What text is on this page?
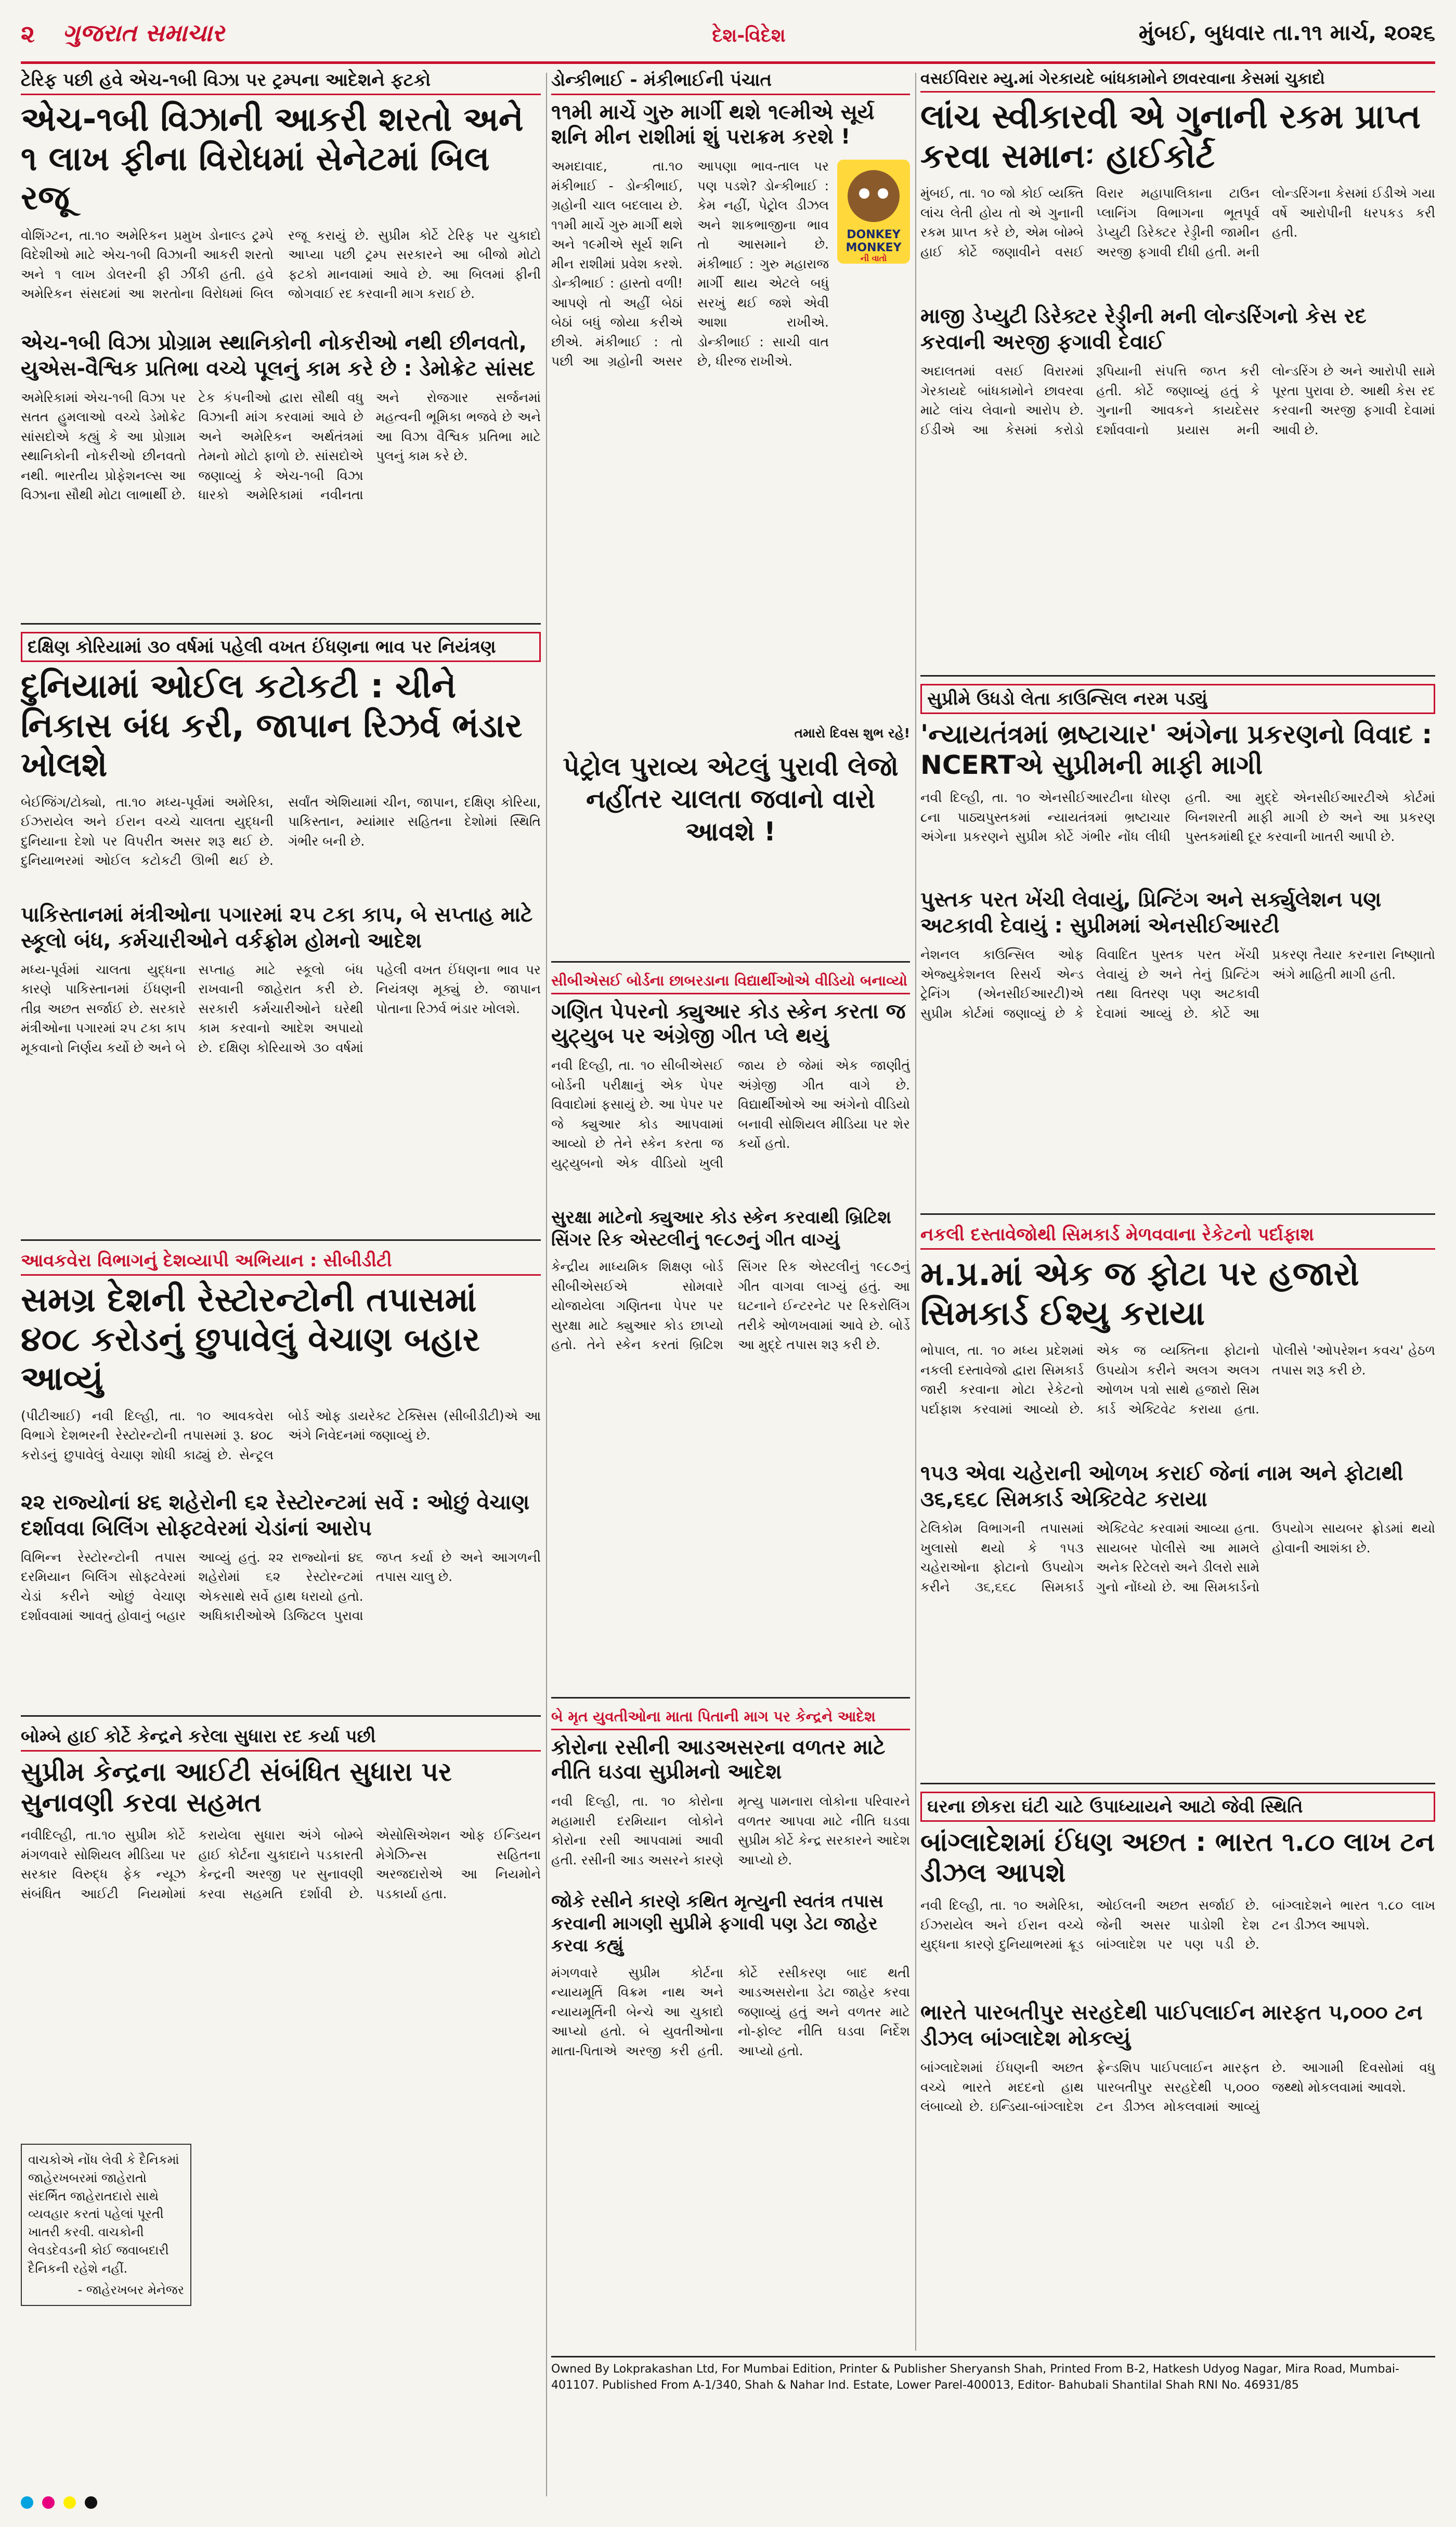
૨ ગુજરાત સમાચાર	દેશ-વિદેશ	મુંબઈ, બુધવાર તા.૧૧ માર્ચ, ૨૦૨૬
ટેરિફ પછી હવે એચ-૧બી વિઝા પર ટ્રમ્પના આદેશને ફટકો
એચ-૧બી વિઝાની આકરી શરતો અને ૧ લાખ ફીના વિરોધમાં સેનેટમાં બિલ રજૂ
વોશિંગ્ટન, તા.૧૦ અમેરિકન પ્રમુખ ડોનાલ્ડ ટ્રમ્પે વિદેશીઓ માટે એચ-૧બી વિઝાની આકરી શરતો અને ૧ લાખ ડોલરની ફી ઝીંકી હતી. હવે અમેરિકન સંસદમાં આ શરતોના વિરોધમાં બિલ રજૂ કરાયું છે. સુપ્રીમ કોર્ટે ટેરિફ પર ચુકાદો આપ્યા પછી ટ્રમ્પ સરકારને આ બીજો મોટો ફટકો માનવામાં આવે છે. આ બિલમાં ફીની જોગવાઈ રદ કરવાની માગ કરાઈ છે.
એચ-૧બી વિઝા પ્રોગ્રામ સ્થાનિકોની નોકરીઓ નથી છીનવતો, યુએસ-વૈશ્વિક પ્રતિભા વચ્ચે પૂલનું કામ કરે છે : ડેમોક્રેટ સાંસદ
અમેરિકામાં એચ-૧બી વિઝા પર સતત હુમલાઓ વચ્ચે ડેમોક્રેટ સાંસદોએ કહ્યું કે આ પ્રોગ્રામ સ્થાનિકોની નોકરીઓ છીનવતો નથી. ભારતીય પ્રોફેશનલ્સ આ વિઝાના સૌથી મોટા લાભાર્થી છે. ટેક કંપનીઓ દ્વારા સૌથી વધુ વિઝાની માંગ કરવામાં આવે છે અને અમેરિકન અર્થતંત્રમાં તેમનો મોટો ફાળો છે. સાંસદોએ જણાવ્યું કે એચ-૧બી વિઝા ધારકો અમેરિકામાં નવીનતા અને રોજગાર સર્જનમાં મહત્વની ભૂમિકા ભજવે છે અને આ વિઝા વૈશ્વિક પ્રતિભા માટે પુલનું કામ કરે છે.
દક્ષિણ કોરિયામાં ૩૦ વર્ષમાં પહેલી વખત ઈંધણના ભાવ પર નિયંત્રણ
દુનિયામાં ઓઈલ કટોકટી : ચીને નિકાસ બંધ કરી, જાપાન રિઝર્વ ભંડાર ખોલશે
બેઈજિંગ/ટોક્યો, તા.૧૦ મધ્ય-પૂર્વમાં અમેરિકા, ઈઝરાયેલ અને ઈરાન વચ્ચે ચાલતા યુદ્ધની દુનિયાના દેશો પર વિપરીત અસર શરૂ થઈ છે. દુનિયાભરમાં ઓઈલ કટોકટી ઊભી થઈ છે. સર્વાંત એશિયામાં ચીન, જાપાન, દક્ષિણ કોરિયા, પાકિસ્તાન, મ્યાંમાર સહિતના દેશોમાં સ્થિતિ ગંભીર બની છે.
પાકિસ્તાનમાં મંત્રીઓના પગારમાં ૨૫ ટકા કાપ, બે સપ્તાહ માટે સ્કૂલો બંધ, કર્મચારીઓને વર્કફ્રોમ હોમનો આદેશ
મધ્ય-પૂર્વમાં ચાલતા યુદ્ધના કારણે પાકિસ્તાનમાં ઈંધણની તીવ્ર અછત સર્જાઈ છે. સરકારે મંત્રીઓના પગારમાં ૨૫ ટકા કાપ મૂકવાનો નિર્ણય કર્યો છે અને બે સપ્તાહ માટે સ્કૂલો બંધ રાખવાની જાહેરાત કરી છે. સરકારી કર્મચારીઓને ઘરેથી કામ કરવાનો આદેશ અપાયો છે. દક્ષિણ કોરિયાએ ૩૦ વર્ષમાં પહેલી વખત ઈંધણના ભાવ પર નિયંત્રણ મૂક્યું છે. જાપાન પોતાના રિઝર્વ ભંડાર ખોલશે.
આવકવેરા વિભાગનું દેશવ્યાપી અભિયાન : સીબીડીટી
સમગ્ર દેશની રેસ્ટોરન્ટોની તપાસમાં ૪૦૮ કરોડનું છુપાવેલું વેચાણ બહાર આવ્યું
(પીટીઆઈ) નવી દિલ્હી, તા. ૧૦ આવકવેરા વિભાગે દેશભરની રેસ્ટોરન્ટોની તપાસમાં રૂ. ૪૦૮ કરોડનું છુપાવેલું વેચાણ શોધી કાઢ્યું છે. સેન્ટ્રલ બોર્ડ ઓફ ડાયરેક્ટ ટેક્સિસ (સીબીડીટી)એ આ અંગે નિવેદનમાં જણાવ્યું છે.
૨૨ રાજ્યોનાં ૪૬ શહેરોની ૬૨ રેસ્ટોરન્ટમાં સર્વે : ઓછું વેચાણ દર્શાવવા બિલિંગ સોફ્ટવેરમાં ચેડાંનાં આરોપ
વિભિન્ન રેસ્ટોરન્ટોની તપાસ દરમિયાન બિલિંગ સોફ્ટવેરમાં ચેડાં કરીને ઓછું વેચાણ દર્શાવવામાં આવતું હોવાનું બહાર આવ્યું હતું. ૨૨ રાજ્યોનાં ૪૬ શહેરોમાં ૬૨ રેસ્ટોરન્ટમાં એકસાથે સર્વે હાથ ધરાયો હતો. અધિકારીઓએ ડિજિટલ પુરાવા જપ્ત કર્યા છે અને આગળની તપાસ ચાલુ છે.
બોમ્બે હાઈ કોર્ટે કેન્દ્રને કરેલા સુધારા રદ કર્યા પછી
સુપ્રીમ કેન્દ્રના આઈટી સંબંધિત સુધારા પર સુનાવણી કરવા સહમત
નવીદિલ્હી, તા.૧૦ સુપ્રીમ કોર્ટે મંગળવારે સોશિયલ મીડિયા પર સરકાર વિરુદ્ધ ફેક ન્યૂઝ સંબંધિત આઈટી નિયમોમાં કરાયેલા સુધારા અંગે બોમ્બે હાઈ કોર્ટના ચુકાદાને પડકારતી કેન્દ્રની અરજી પર સુનાવણી કરવા સહમતિ દર્શાવી છે. એસોસિએશન ઓફ ઈન્ડિયન મેગેઝિન્સ સહિતના અરજદારોએ આ નિયમોને પડકાર્યા હતા.
વાચકોએ નોંધ લેવી કે દૈનિકમાં જાહેરખબરમાં જાહેરાતો સંદર્ભિત જાહેરાતદારો સાથે વ્યવહાર કરતાં પહેલાં પૂરતી ખાતરી કરવી. વાચકોની લેવડદેવડની કોઈ જવાબદારી દૈનિકની રહેશે નહીં.
- જાહેરખબર મેનેજર
ડોન્કીભાઈ - મંકીભાઈની પંચાત
૧૧મી માર્ચે ગુરુ માર્ગી થશે ૧૯મીએ સૂર્ય શનિ મીન રાશીમાં શું પરાક્રમ કરશે !
DONKEY MONKEY
ની વાતો
અમદાવાદ, તા.૧૦ મંકીભાઈ - ડોન્કીભાઈ, ગ્રહોની ચાલ બદલાય છે. ૧૧મી માર્ચે ગુરુ માર્ગી થશે અને ૧૯મીએ સૂર્ય શનિ મીન રાશીમાં પ્રવેશ કરશે. ડોન્કીભાઈ : હાસ્તો વળી! આપણે તો અહીં બેઠાં બેઠાં બધું જોયા કરીએ છીએ. મંકીભાઈ : તો પછી આ ગ્રહોની અસર આપણા ભાવ-તાલ પર પણ પડશે? ડોન્કીભાઈ : કેમ નહીં, પેટ્રોલ ડીઝલ અને શાકભાજીના ભાવ તો આસમાને છે. મંકીભાઈ : ગુરુ મહારાજ માર્ગી થાય એટલે બધું સરખું થઈ જશે એવી આશા રાખીએ. ડોન્કીભાઈ : સાચી વાત છે, ધીરજ રાખીએ.
તમારો દિવસ શુભ રહે!
પેટ્રોલ પુરાવ્ય એટલું પુરાવી લેજો નહીંતર ચાલતા જવાનો વારો આવશે !
સીબીએસઈ બોર્ડના છાબરડાના વિદ્યાર્થીઓએ વીડિયો બનાવ્યો
ગણિત પેપરનો ક્યુઆર કોડ સ્કેન કરતા જ યુટ્યુબ પર અંગ્રેજી ગીત પ્લે થયું
નવી દિલ્હી, તા. ૧૦ સીબીએસઈ બોર્ડની પરીક્ષાનું એક પેપર વિવાદોમાં ફસાયું છે. આ પેપર પર જે ક્યુઆર કોડ આપવામાં આવ્યો છે તેને સ્કેન કરતા જ યુટ્યુબનો એક વીડિયો ખુલી જાય છે જેમાં એક જાણીતું અંગ્રેજી ગીત વાગે છે. વિદ્યાર્થીઓએ આ અંગેનો વીડિયો બનાવી સોશિયલ મીડિયા પર શેર કર્યો હતો.
સુરક્ષા માટેનો ક્યુઆર કોડ સ્કેન કરવાથી બ્રિટિશ સિંગર રિક એસ્ટલીનું ૧૯૮૭નું ગીત વાગ્યું
કેન્દ્રીય માધ્યમિક શિક્ષણ બોર્ડ સીબીએસઈએ સોમવારે યોજાયેલા ગણિતના પેપર પર સુરક્ષા માટે ક્યુઆર કોડ છાપ્યો હતો. તેને સ્કેન કરતાં બ્રિટિશ સિંગર રિક એસ્ટલીનું ૧૯૮૭નું ગીત વાગવા લાગ્યું હતું. આ ઘટનાને ઈન્ટરનેટ પર રિકરોલિંગ તરીકે ઓળખવામાં આવે છે. બોર્ડે આ મુદ્દે તપાસ શરૂ કરી છે.
બે મૃત યુવતીઓના માતા પિતાની માગ પર કેન્દ્રને આદેશ
કોરોના રસીની આડઅસરના વળતર માટે નીતિ ઘડવા સુપ્રીમનો આદેશ
નવી દિલ્હી, તા. ૧૦ કોરોના મહામારી દરમિયાન લોકોને કોરોના રસી આપવામાં આવી હતી. રસીની આડ અસરને કારણે મૃત્યુ પામનારા લોકોના પરિવારને વળતર આપવા માટે નીતિ ઘડવા સુપ્રીમ કોર્ટે કેન્દ્ર સરકારને આદેશ આપ્યો છે.
જોકે રસીને કારણે કથિત મૃત્યુની સ્વતંત્ર તપાસ કરવાની માગણી સુપ્રીમે ફગાવી પણ ડેટા જાહેર કરવા કહ્યું
મંગળવારે સુપ્રીમ કોર્ટના ન્યાયમૂર્તિ વિક્રમ નાથ અને ન્યાયમૂર્તિની બેન્ચે આ ચુકાદો આપ્યો હતો. બે યુવતીઓના માતા-પિતાએ અરજી કરી હતી. કોર્ટે રસીકરણ બાદ થતી આડઅસરોના ડેટા જાહેર કરવા જણાવ્યું હતું અને વળતર માટે નો-ફોલ્ટ નીતિ ઘડવા નિર્દેશ આપ્યો હતો.
વસઈવિરાર મ્યુ.માં ગેરકાયદે બાંધકામોને છાવરવાના કેસમાં ચુકાદો
લાંચ સ્વીકારવી એ ગુનાની રકમ પ્રાપ્ત કરવા સમાનઃ હાઈકોર્ટ
મુંબઈ, તા. ૧૦ જો કોઈ વ્યક્તિ લાંચ લેતી હોય તો એ ગુનાની રકમ પ્રાપ્ત કરે છે, એમ બોમ્બે હાઈ કોર્ટે જણાવીને વસઈ વિરાર મહાપાલિકાના ટાઉન પ્લાનિંગ વિભાગના ભૂતપૂર્વ ડેપ્યુટી ડિરેક્ટર રેડ્ડીની જામીન અરજી ફગાવી દીધી હતી. મની લોન્ડરિંગના કેસમાં ઈડીએ ગયા વર્ષે આરોપીની ધરપકડ કરી હતી.
માજી ડેપ્યુટી ડિરેક્ટર રેડ્ડીની મની લોન્ડરિંગનો કેસ રદ કરવાની અરજી ફગાવી દેવાઈ
અદાલતમાં વસઈ વિરારમાં ગેરકાયદે બાંધકામોને છાવરવા માટે લાંચ લેવાનો આરોપ છે. ઈડીએ આ કેસમાં કરોડો રૂપિયાની સંપત્તિ જપ્ત કરી હતી. કોર્ટે જણાવ્યું હતું કે ગુનાની આવકને કાયદેસર દર્શાવવાનો પ્રયાસ મની લોન્ડરિંગ છે અને આરોપી સામે પૂરતા પુરાવા છે. આથી કેસ રદ કરવાની અરજી ફગાવી દેવામાં આવી છે.
સુપ્રીમે ઉધડો લેતા કાઉન્સિલ નરમ પડ્યું
'ન્યાયતંત્રમાં ભ્રષ્ટાચાર' અંગેના પ્રકરણનો વિવાદ : NCERTએ સુપ્રીમની માફી માગી
નવી દિલ્હી, તા. ૧૦ એનસીઈઆરટીના ધોરણ ૮ના પાઠ્યપુસ્તકમાં ન્યાયતંત્રમાં ભ્રષ્ટાચાર અંગેના પ્રકરણને સુપ્રીમ કોર્ટે ગંભીર નોંધ લીધી હતી. આ મુદ્દે એનસીઈઆરટીએ કોર્ટમાં બિનશરતી માફી માગી છે અને આ પ્રકરણ પુસ્તકમાંથી દૂર કરવાની ખાતરી આપી છે.
પુસ્તક પરત ખેંચી લેવાયું, પ્રિન્ટિંગ અને સર્ક્યુલેશન પણ અટકાવી દેવાયું : સુપ્રીમમાં એનસીઈઆરટી
નેશનલ કાઉન્સિલ ઓફ એજ્યુકેશનલ રિસર્ચ એન્ડ ટ્રેનિંગ (એનસીઈઆરટી)એ સુપ્રીમ કોર્ટમાં જણાવ્યું છે કે વિવાદિત પુસ્તક પરત ખેંચી લેવાયું છે અને તેનું પ્રિન્ટિંગ તથા વિતરણ પણ અટકાવી દેવામાં આવ્યું છે. કોર્ટે આ પ્રકરણ તૈયાર કરનારા નિષ્ણાતો અંગે માહિતી માગી હતી.
નકલી દસ્તાવેજોથી સિમકાર્ડ મેળવવાના રેકેટનો પર્દાફાશ
મ.પ્ર.માં એક જ ફોટા પર હજારો સિમકાર્ડ ઈશ્યુ કરાયા
ભોપાલ, તા. ૧૦ મધ્ય પ્રદેશમાં નકલી દસ્તાવેજો દ્વારા સિમકાર્ડ જારી કરવાના મોટા રેકેટનો પર્દાફાશ કરવામાં આવ્યો છે. એક જ વ્યક્તિના ફોટાનો ઉપયોગ કરીને અલગ અલગ ઓળખ પત્રો સાથે હજારો સિમ કાર્ડ એક્ટિવેટ કરાયા હતા. પોલીસે 'ઓપરેશન કવચ' હેઠળ તપાસ શરૂ કરી છે.
૧૫૩ એવા ચહેરાની ઓળખ કરાઈ જેનાં નામ અને ફોટાથી ૩૬,૬૬૮ સિમકાર્ડ એક્ટિવેટ કરાયા
ટેલિકોમ વિભાગની તપાસમાં ખુલાસો થયો કે ૧૫૩ ચહેરાઓના ફોટાનો ઉપયોગ કરીને ૩૬,૬૬૮ સિમકાર્ડ એક્ટિવેટ કરવામાં આવ્યા હતા. સાયબર પોલીસે આ મામલે અનેક રિટેલરો અને ડીલરો સામે ગુનો નોંધ્યો છે. આ સિમકાર્ડનો ઉપયોગ સાયબર ફ્રોડમાં થયો હોવાની આશંકા છે.
ઘરના છોકરા ઘંટી ચાટે ઉપાધ્યાયને આટો જેવી સ્થિતિ
બાંગ્લાદેશમાં ઈંધણ અછત : ભારત ૧.૮૦ લાખ ટન ડીઝલ આપશે
નવી દિલ્હી, તા. ૧૦ અમેરિકા, ઈઝરાયેલ અને ઈરાન વચ્ચે યુદ્ધના કારણે દુનિયાભરમાં ક્રૂડ ઓઈલની અછત સર્જાઈ છે. જેની અસર પાડોશી દેશ બાંગ્લાદેશ પર પણ પડી છે. બાંગ્લાદેશને ભારત ૧.૮૦ લાખ ટન ડીઝલ આપશે.
ભારતે પારબતીપુર સરહદેથી પાઈપલાઈન મારફત ૫,૦૦૦ ટન ડીઝલ બાંગ્લાદેશ મોકલ્યું
બાંગ્લાદેશમાં ઈંધણની અછત વચ્ચે ભારતે મદદનો હાથ લંબાવ્યો છે. ઇન્ડિયા-બાંગ્લાદેશ ફ્રેન્ડશિપ પાઈપલાઈન મારફત પારબતીપુર સરહદેથી ૫,૦૦૦ ટન ડીઝલ મોકલવામાં આવ્યું છે. આગામી દિવસોમાં વધુ જથ્થો મોકલવામાં આવશે.
Owned By Lokprakashan Ltd, For Mumbai Edition, Printer & Publisher Sheryansh Shah, Printed From B-2, Hatkesh Udyog Nagar, Mira Road, Mumbai-401107. Published From A-1/340, Shah & Nahar Ind. Estate, Lower Parel-400013, Editor- Bahubali Shantilal Shah RNI No. 46931/85
